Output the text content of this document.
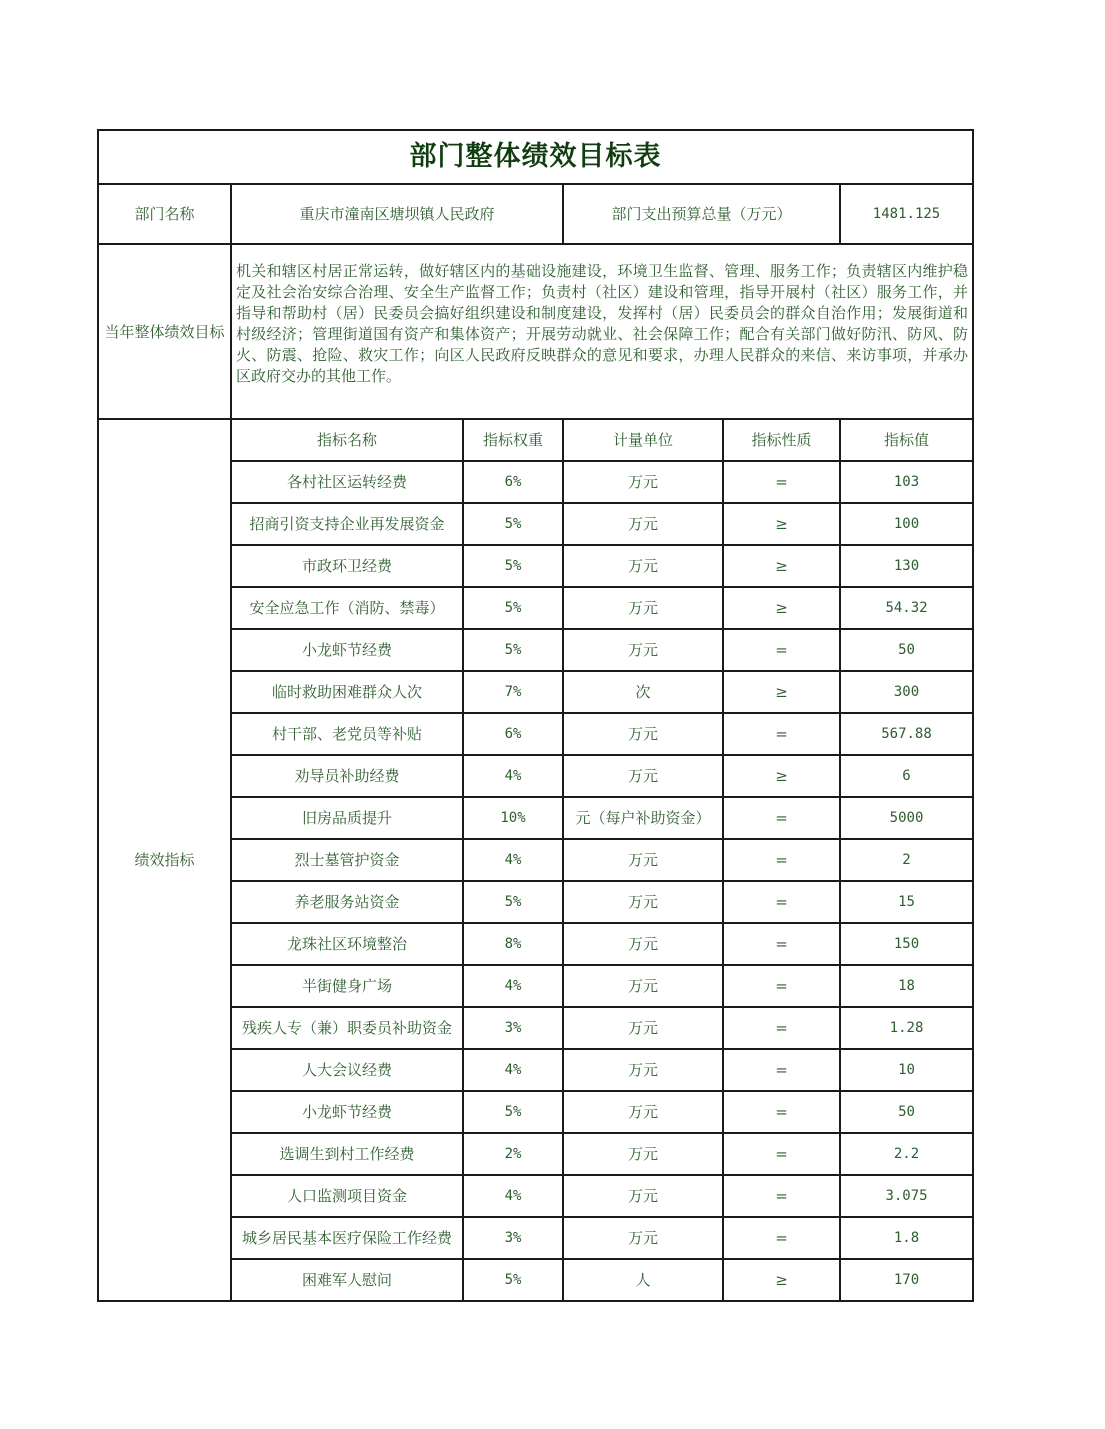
部门整体绩效目标表					
部门名称	重庆市潼南区塘坝镇人民政府		部门支出预算总量（万元）		1481.125
当年整体绩效目标	机关和辖区村居正常运转，做好辖区内的基础设施建设，环境卫生监督、管理、服务工作；负责辖区内维护稳定及社会治安综合治理、安全生产监督工作；负责村（社区）建设和管理，指导开展村（社区）服务工作，并指导和帮助村（居）民委员会搞好组织建设和制度建设，发挥村（居）民委员会的群众自治作用；发展街道和村级经济；管理街道国有资产和集体资产；开展劳动就业、社会保障工作；配合有关部门做好防汛、防风、防火、防震、抢险、救灾工作；向区人民政府反映群众的意见和要求，办理人民群众的来信、来访事项，并承办区政府交办的其他工作。				
绩效指标	指标名称	指标权重	计量单位	指标性质	指标值
	各村社区运转经费	6%	万元	=	103
	招商引资支持企业再发展资金	5%	万元	≥	100
	市政环卫经费	5%	万元	≥	130
	安全应急工作（消防、禁毒）	5%	万元	≥	54.32
	小龙虾节经费	5%	万元	=	50
	临时救助困难群众人次	7%	次	≥	300
	村干部、老党员等补贴	6%	万元	=	567.88
	劝导员补助经费	4%	万元	≥	6
	旧房品质提升	10%	元（每户补助资金）	=	5000
	烈士墓管护资金	4%	万元	=	2
	养老服务站资金	5%	万元	=	15
	龙珠社区环境整治	8%	万元	=	150
	半街健身广场	4%	万元	=	18
	残疾人专（兼）职委员补助资金	3%	万元	=	1.28
	人大会议经费	4%	万元	=	10
	小龙虾节经费	5%	万元	=	50
	选调生到村工作经费	2%	万元	=	2.2
	人口监测项目资金	4%	万元	=	3.075
	城乡居民基本医疗保险工作经费	3%	万元	=	1.8
	困难军人慰问	5%	人	≥	170
